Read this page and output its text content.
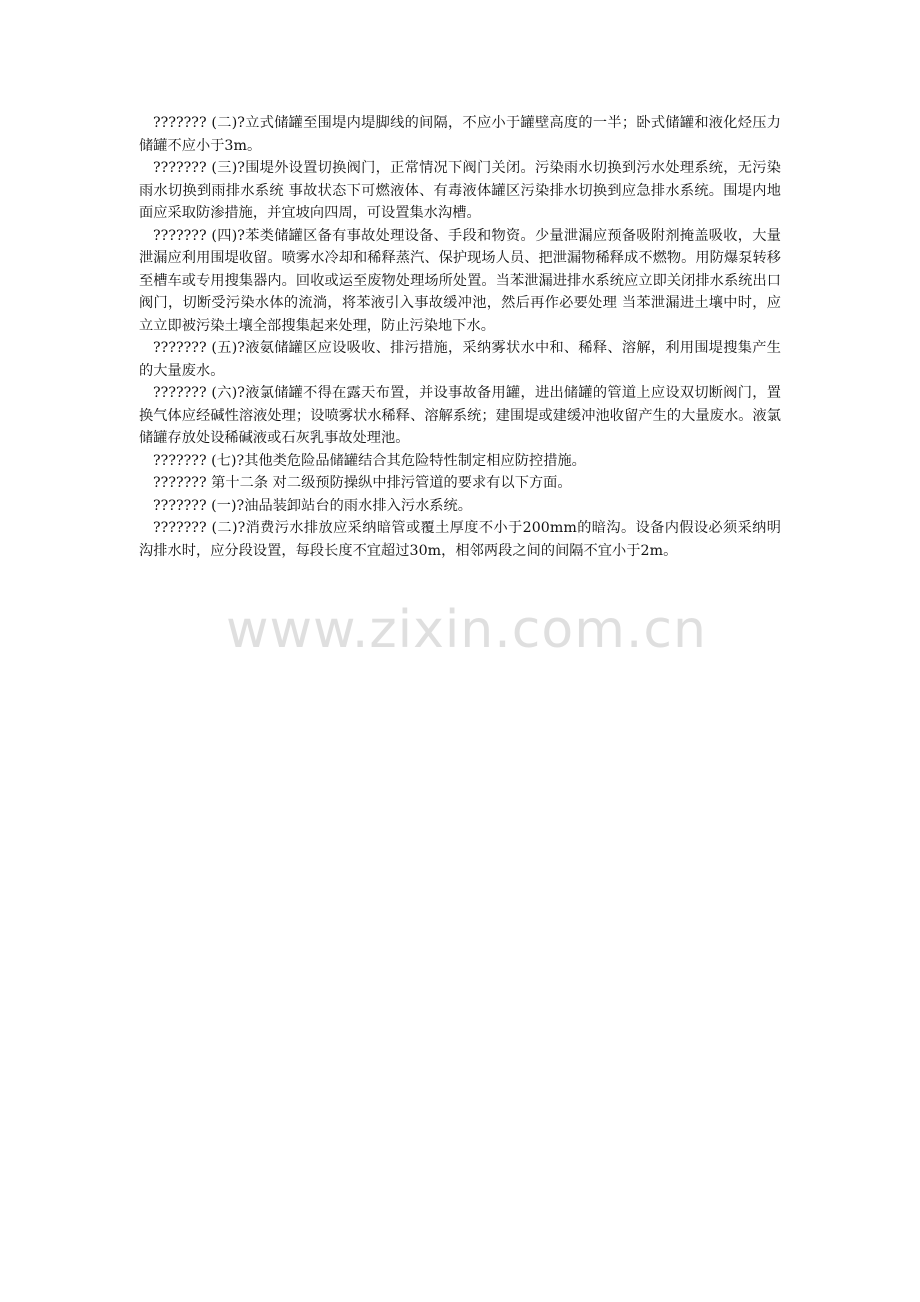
??????? (二)?立式储罐至围堤内堤脚线的间隔，不应小于罐壁高度的一半；卧式储罐和液化烃压力储罐不应小于3m。

??????? (三)?围堤外设置切换阀门，正常情况下阀门关闭。污染雨水切换到污水处理系统，无污染雨水切换到雨排水系统 事故状态下可燃液体、有毒液体罐区污染排水切换到应急排水系统。围堤内地面应采取防渗措施，并宜坡向四周，可设置集水沟槽。

??????? (四)?苯类储罐区备有事故处理设备、手段和物资。少量泄漏应预备吸附剂掩盖吸收，大量泄漏应利用围堤收留。喷雾水冷却和稀释蒸汽、保护现场人员、把泄漏物稀释成不燃物。用防爆泵转移至槽车或专用搜集器内。回收或运至废物处理场所处置。当苯泄漏进排水系统应立即关闭排水系统出口阀门，切断受污染水体的流淌，将苯液引入事故缓冲池，然后再作必要处理 当苯泄漏进土壤中时，应立立即被污染土壤全部搜集起来处理，防止污染地下水。

??????? (五)?液氨储罐区应设吸收、排污措施，采纳雾状水中和、稀释、溶解，利用围堤搜集产生的大量废水。

??????? (六)?液氯储罐不得在露天布置，并设事故备用罐，进出储罐的管道上应设双切断阀门，置换气体应经碱性溶液处理；设喷雾状水稀释、溶解系统；建围堤或建缓冲池收留产生的大量废水。液氯储罐存放处设稀碱液或石灰乳事故处理池。

??????? (七)?其他类危险品储罐结合其危险特性制定相应防控措施。

??????? 第十二条 对二级预防操纵中排污管道的要求有以下方面。

??????? (一)?油品装卸站台的雨水排入污水系统。

??????? (二)?消费污水排放应采纳暗管或覆土厚度不小于200mm的暗沟。设备内假设必须采纳明沟排水时，应分段设置，每段长度不宜超过30m，相邻两段之间的间隔不宜小于2m。

www.zixin.com.cn
